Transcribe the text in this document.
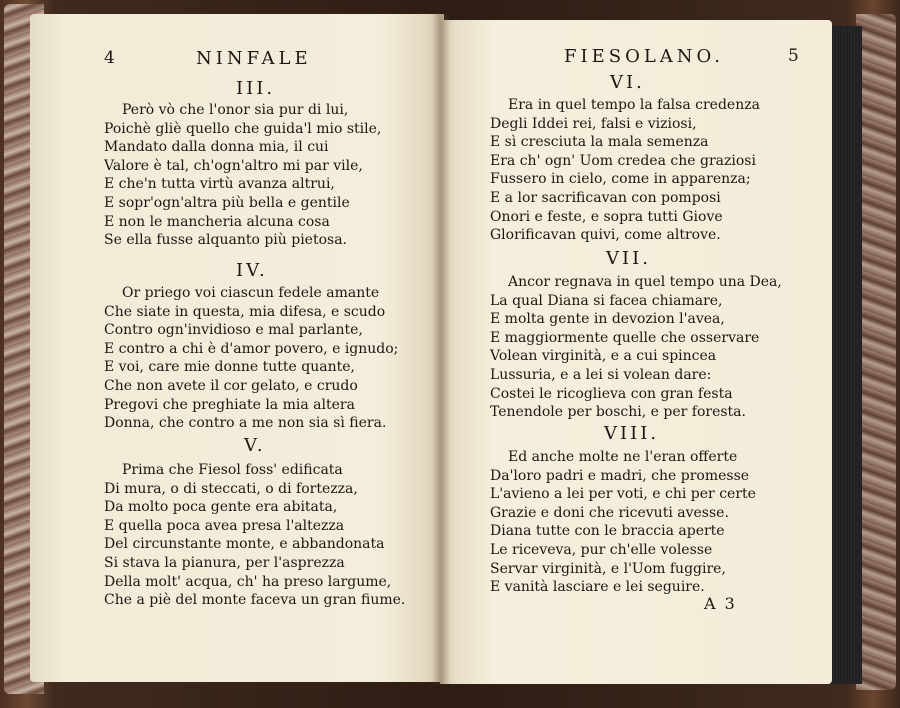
4	NINFALE
III.
Però vò che l'onor sia pur di lui,
Poichè gliè quello che guida'l mio stile,
Mandato dalla donna mia, il cui
Valore è tal, ch'ogn'altro mi par vile,
E che'n tutta virtù avanza altrui,
E sopr'ogn'altra più bella e gentile
E non le mancheria alcuna cosa
Se ella fusse alquanto più pietosa.
IV.
Or priego voi ciascun fedele amante
Che siate in questa, mia difesa, e scudo
Contro ogn'invidioso e mal parlante,
E contro a chi è d'amor povero, e ignudo;
E voi, care mie donne tutte quante,
Che non avete il cor gelato, e crudo
Pregovi che preghiate la mia altera
Donna, che contro a me non sia sì fiera.
V.
Prima che Fiesol foss' edificata
Di mura, o di steccati, o di fortezza,
Da molto poca gente era abitata,
E quella poca avea presa l'altezza
Del circunstante monte, e abbandonata
Si stava la pianura, per l'asprezza
Della molt' acqua, ch' ha preso largume,
Che a piè del monte faceva un gran fiume.
FIESOLANO.	5
VI.
Era in quel tempo la falsa credenza
Degli Iddei rei, falsi e viziosi,
E sì cresciuta la mala semenza
Era ch' ogn' Uom credea che graziosi
Fussero in cielo, come in apparenza;
E a lor sacrificavan con pomposi
Onori e feste, e sopra tutti Giove
Glorificavan quivi, come altrove.
VII.
Ancor regnava in quel tempo una Dea,
La qual Diana si facea chiamare,
E molta gente in devozion l'avea,
E maggiormente quelle che osservare
Volean virginità, e a cui spincea
Lussuria, e a lei si volean dare:
Costei le ricoglieva con gran festa
Tenendole per boschi, e per foresta.
VIII.
Ed anche molte ne l'eran offerte
Da'loro padri e madri, che promesse
L'avieno a lei per voti, e chi per certe
Grazie e doni che ricevuti avesse.
Diana tutte con le braccia aperte
Le riceveva, pur ch'elle volesse
Servar virginità, e l'Uom fuggire,
E vanità lasciare e lei seguire.
A 3
